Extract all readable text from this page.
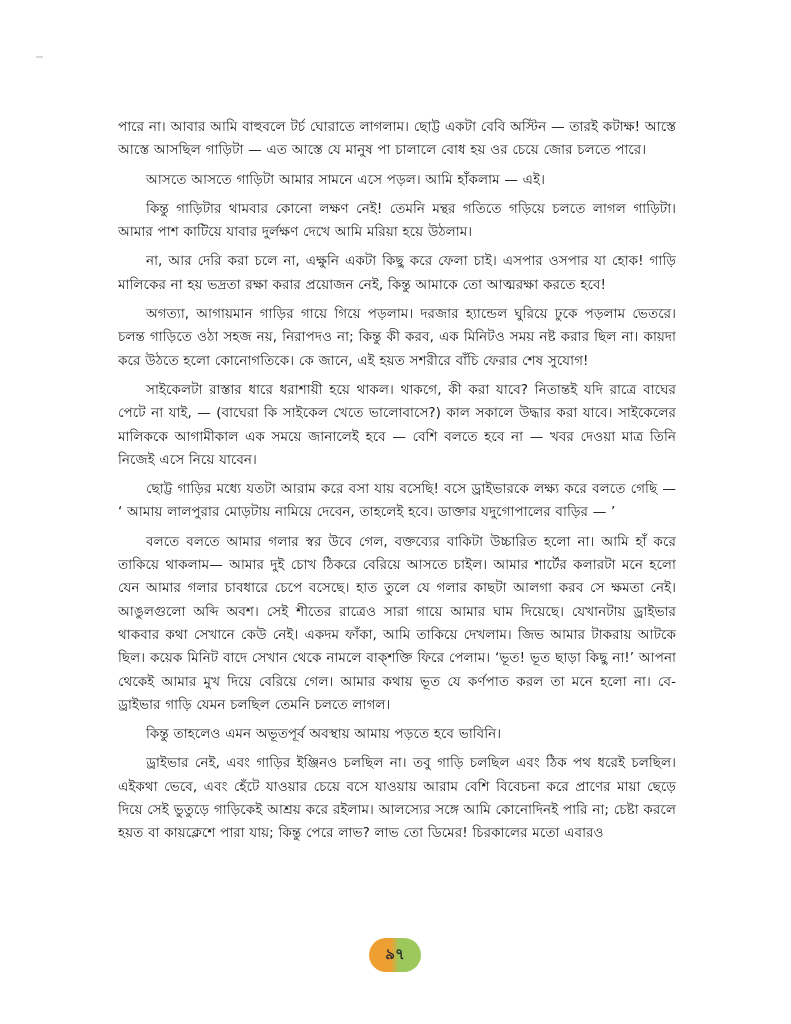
পারে না। আবার আমি বাহুবলে টর্চ ঘোরাতে লাগলাম। ছোট্ট একটা বেবি অস্টিন — তারই কটাক্ষ! আস্তে আস্তে আসছিল গাড়িটা — এত আস্তে যে মানুষ পা চালালে বোধ হয় ওর চেয়ে জোর চলতে পারে।

আসতে আসতে গাড়িটা আমার সামনে এসে পড়ল। আমি হাঁকলাম — এই।

কিন্তু গাড়িটার থামবার কোনো লক্ষণ নেই! তেমনি মন্থর গতিতে গড়িয়ে চলতে লাগল গাড়িটা। আমার পাশ কাটিয়ে যাবার দুর্লক্ষণ দেখে আমি মরিয়া হয়ে উঠলাম।

না, আর দেরি করা চলে না, এক্ষুনি একটা কিছু করে ফেলা চাই। এসপার ওসপার যা হোক! গাড়ি মালিকের না হয় ভদ্রতা রক্ষা করার প্রয়োজন নেই, কিন্তু আমাকে তো আত্মরক্ষা করতে হবে!

অগত্যা, আগায়মান গাড়ির গায়ে গিয়ে পড়লাম। দরজার হ্যান্ডেল ঘুরিয়ে ঢুকে পড়লাম ভেতরে। চলন্ত গাড়িতে ওঠা সহজ নয়, নিরাপদও না; কিন্তু কী করব, এক মিনিটও সময় নষ্ট করার ছিল না। কায়দা করে উঠতে হলো কোনোগতিকে। কে জানে, এই হয়ত সশরীরে বাঁচি ফেরার শেষ সুযোগ!

সাইকেলটা রাস্তার ধারে ধরাশায়ী হয়ে থাকল। থাকগে, কী করা যাবে? নিতান্তই যদি রাত্রে বাঘের পেটে না যাই, — (বাঘেরা কি সাইকেল খেতে ভালোবাসে?) কাল সকালে উদ্ধার করা যাবে। সাইকেলের মালিককে আগামীকাল এক সময়ে জানালেই হবে — বেশি বলতে হবে না — খবর দেওয়া মাত্র তিনি নিজেই এসে নিয়ে যাবেন।

ছোট্ট গাড়ির মধ্যে যতটা আরাম করে বসা যায় বসেছি! বসে ড্রাইভারকে লক্ষ্য করে বলতে গেছি — ‘ আমায় লালপুরার মোড়টায় নামিয়ে দেবেন, তাহলেই হবে। ডাক্তার যদুগোপালের বাড়ির — ’

বলতে বলতে আমার গলার স্বর উবে গেল, বক্তব্যের বাকিটা উচ্চারিত হলো না। আমি হাঁ করে তাকিয়ে থাকলাম— আমার দুই চোখ ঠিকরে বেরিয়ে আসতে চাইল। আমার শার্টের কলারটা মনে হলো যেন আমার গলার চাবধারে চেপে বসেছে। হাত তুলে যে গলার কাছটা আলগা করব সে ক্ষমতা নেই। আঙুলগুলো অব্দি অবশ। সেই শীতের রাত্রেও সারা গায়ে আমার ঘাম দিয়েছে। যেখানটায় ড্রাইভার থাকবার কথা সেখানে কেউ নেই। একদম ফাঁকা, আমি তাকিয়ে দেখলাম। জিভ আমার টাকরায় আটকে ছিল। কয়েক মিনিট বাদে সেখান থেকে নামলে বাক্‌শক্তি ফিরে পেলাম। ‘ভূত! ভূত ছাড়া কিছু না!’ আপনা থেকেই আমার মুখ দিয়ে বেরিয়ে গেল। আমার কথায় ভূত যে কর্ণপাত করল তা মনে হলো না। বে-ড্রাইভার গাড়ি যেমন চলছিল তেমনি চলতে লাগল।

কিন্তু তাহলেও এমন অভূতপূর্ব অবস্থায় আমায় পড়তে হবে ভাবিনি।

ড্রাইভার নেই, এবং গাড়ির ইঞ্জিনও চলছিল না। তবু গাড়ি চলছিল এবং ঠিক পথ ধরেই চলছিল। এইকথা ভেবে, এবং হেঁটে যাওয়ার চেয়ে বসে যাওয়ায় আরাম বেশি বিবেচনা করে প্রাণের মায়া ছেড়ে দিয়ে সেই ভুতুড়ে গাড়িকেই আশ্রয় করে রইলাম। আলস্যের সঙ্গে আমি কোনোদিনই পারি না; চেষ্টা করলে হয়ত বা কায়ক্লেশে পারা যায়; কিন্তু পেরে লাভ? লাভ তো ডিমের! চিরকালের মতো এবারও

৯৭
